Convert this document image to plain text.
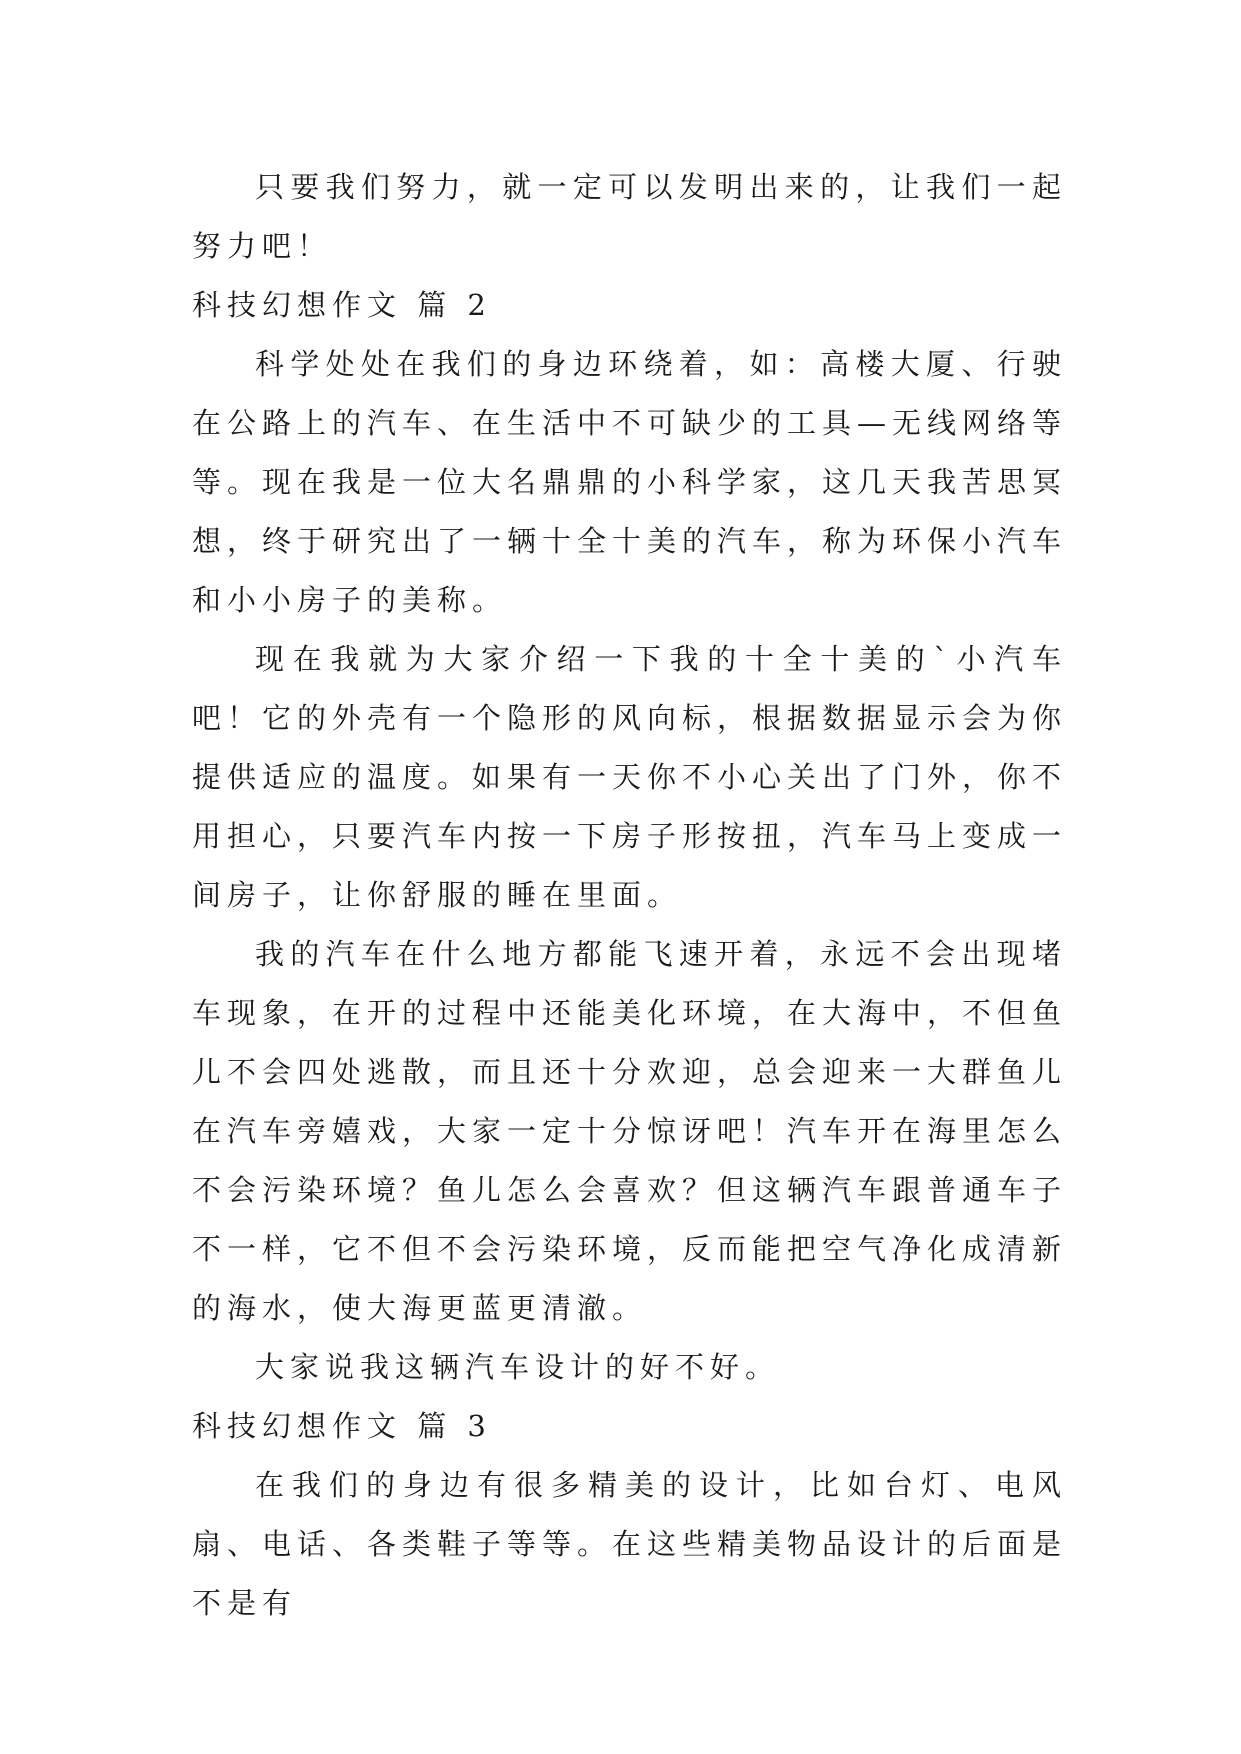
只要我们努力，就一定可以发明出来的，让我们一起努力吧！

科技幻想作文 篇 2

科学处处在我们的身边环绕着，如：高楼大厦、行驶在公路上的汽车、在生活中不可缺少的工具—无线网络等等。现在我是一位大名鼎鼎的小科学家，这几天我苦思冥想，终于研究出了一辆十全十美的汽车，称为环保小汽车和小小房子的美称。

现在我就为大家介绍一下我的十全十美的`小汽车吧！它的外壳有一个隐形的风向标，根据数据显示会为你提供适应的温度。如果有一天你不小心关出了门外，你不用担心，只要汽车内按一下房子形按扭，汽车马上变成一间房子，让你舒服的睡在里面。

我的汽车在什么地方都能飞速开着，永远不会出现堵车现象，在开的过程中还能美化环境，在大海中，不但鱼儿不会四处逃散，而且还十分欢迎，总会迎来一大群鱼儿在汽车旁嬉戏，大家一定十分惊讶吧！汽车开在海里怎么不会污染环境？鱼儿怎么会喜欢？但这辆汽车跟普通车子不一样，它不但不会污染环境，反而能把空气净化成清新的海水，使大海更蓝更清澈。

大家说我这辆汽车设计的好不好。

科技幻想作文 篇 3

在我们的身边有很多精美的设计，比如台灯、电风扇、电话、各类鞋子等等。在这些精美物品设计的后面是不是有
